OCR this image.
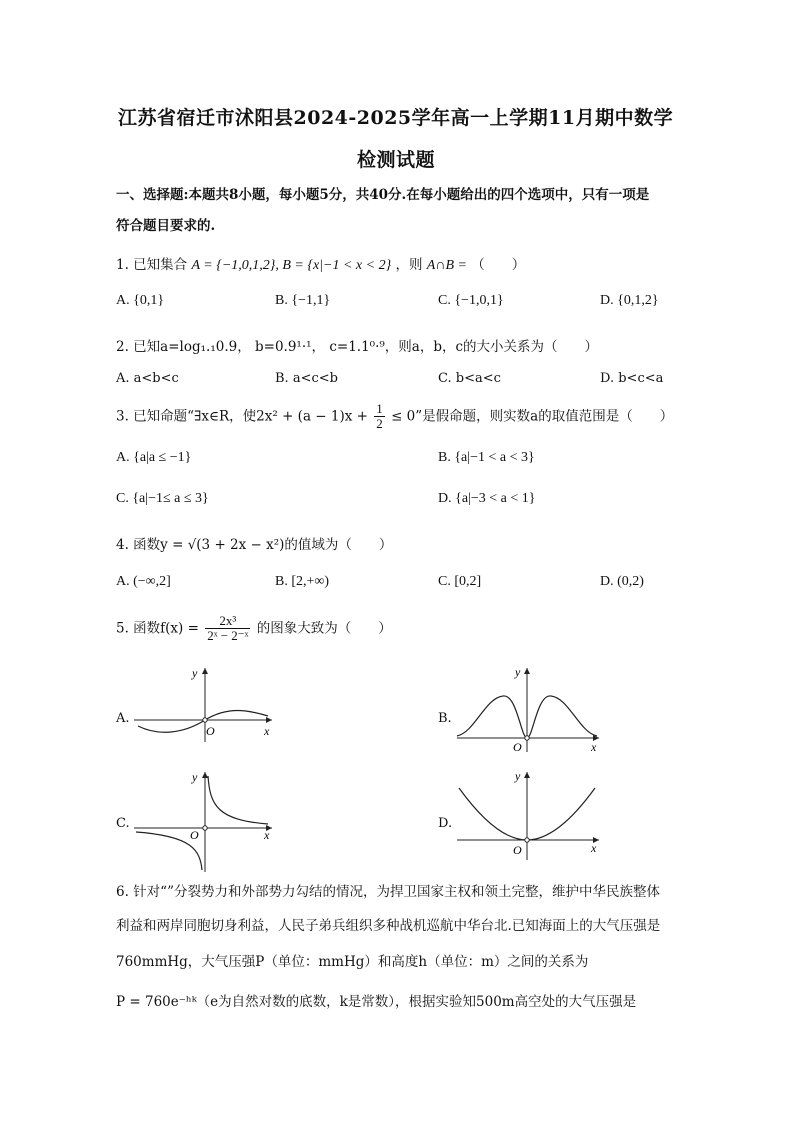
江苏省宿迁市沭阳县2024-2025学年高一上学期11月期中数学
检测试题
一、选择题:本题共8小题，每小题5分，共40分.在每小题给出的四个选项中，只有一项是
符合题目要求的.
1. 已知集合 A = {−1,0,1,2}, B = {x|−1 < x < 2} ，则 A∩B = （　　）
A. {0,1}	B. {−1,1}	C. {−1,0,1}	D. {0,1,2}
2. 已知a=log₁.₁0.9， b=0.9¹·¹， c=1.1⁰·⁹，则a，b，c的大小关系为（　　）
A. a<b<c	B. a<c<b	C. b<a<c	D. b<c<a
3. 已知命题“∃x∈R，使$2x^2 + (a - 1)x + \frac{1}{2} \le 0$”是假命题，则实数a的取值范围是（　　）
A. {a|a ≤ −1}	B. {a|−1 < a < 3}
C. {a|−1≤ a ≤ 3}	D. {a|−3 < a < 1}
4. 函数y = √(3 + 2x − x²)的值域为（　　）
A. (−∞,2]	B. [2,+∞)	C. [0,2]	D. (0,2)
5. 函数$f(x) = \frac{\text{2x³}}{\text{2ˣ − 2⁻ˣ}}$ 的图象大致为（　　）
A.	B.
C.	D.
y
O	x
y
O	x
y
O	x
y
O	x
6. 针对“”分裂势力和外部势力勾结的情况，为捍卫国家主权和领土完整，维护中华民族整体
利益和两岸同胞切身利益，人民子弟兵组织多种战机巡航中华台北.已知海面上的大气压强是
760mmHg，大气压强P（单位：mmHg）和高度h（单位：m）之间的关系为
P = 760e⁻ʰᵏ（e为自然对数的底数，k是常数），根据实验知500m高空处的大气压强是
